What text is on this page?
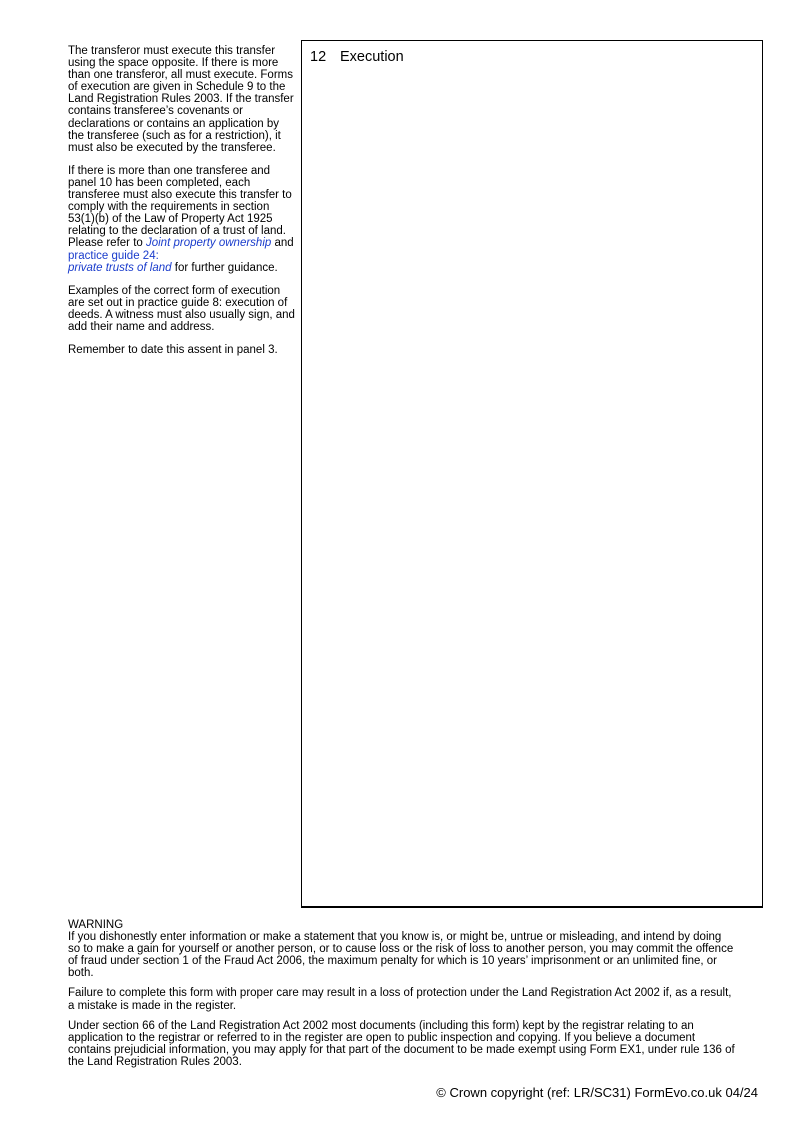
The transferor must execute this transfer using the space opposite. If there is more than one transferor, all must execute. Forms of execution are given in Schedule 9 to the Land Registration Rules 2003. If the transfer contains transferee’s covenants or declarations or contains an application by the transferee (such as for a restriction), it must also be executed by the transferee.

If there is more than one transferee and panel 10 has been completed, each transferee must also execute this transfer to comply with the requirements in section 53(1)(b) of the Law of Property Act 1925 relating to the declaration of a trust of land. Please refer to Joint property ownership and practice guide 24:
private trusts of land for further guidance.

Examples of the correct form of execution are set out in practice guide 8: execution of deeds. A witness must also usually sign, and add their name and address.

Remember to date this assent in panel 3.

12 Execution

WARNING

If you dishonestly enter information or make a statement that you know is, or might be, untrue or misleading, and intend by doing so to make a gain for yourself or another person, or to cause loss or the risk of loss to another person, you may commit the offence of fraud under section 1 of the Fraud Act 2006, the maximum penalty for which is 10 years’ imprisonment or an unlimited fine, or both.

Failure to complete this form with proper care may result in a loss of protection under the Land Registration Act 2002 if, as a result, a mistake is made in the register.

Under section 66 of the Land Registration Act 2002 most documents (including this form) kept by the registrar relating to an application to the registrar or referred to in the register are open to public inspection and copying. If you believe a document contains prejudicial information, you may apply for that part of the document to be made exempt using Form EX1, under rule 136 of the Land Registration Rules 2003.

© Crown copyright (ref: LR/SC31) FormEvo.co.uk 04/24
